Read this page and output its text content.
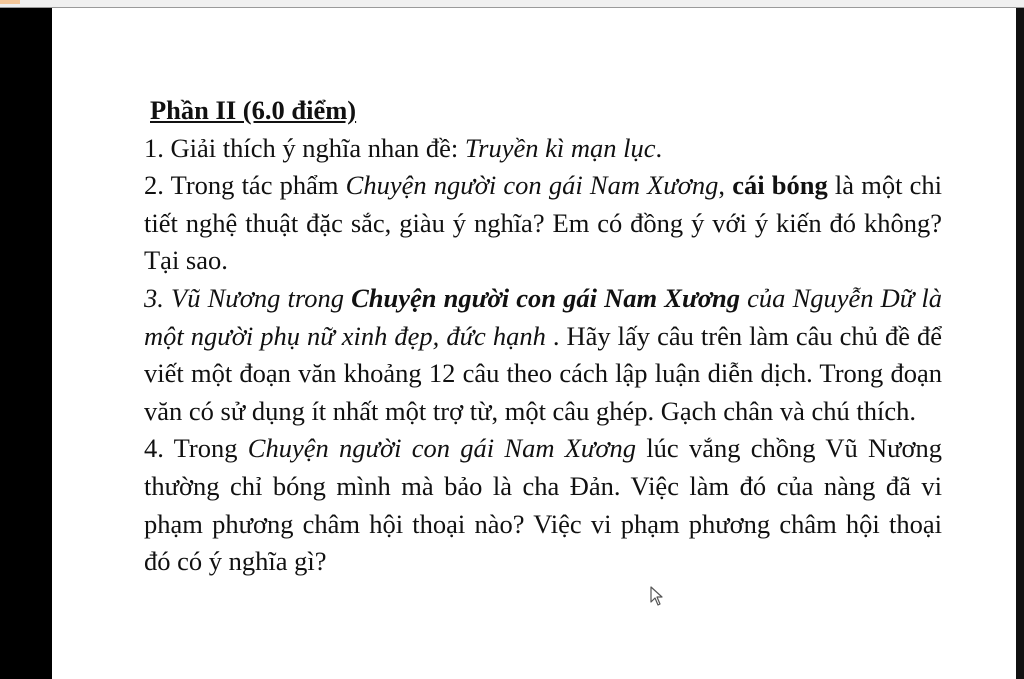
Phần II (6.0 điểm)

1. Giải thích ý nghĩa nhan đề: Truyền kì mạn lục.

2. Trong tác phẩm Chuyện người con gái Nam Xương, cái bóng là một chi tiết nghệ thuật đặc sắc, giàu ý nghĩa? Em có đồng ý với ý kiến đó không? Tại sao.

3. Vũ Nương trong Chuyện người con gái Nam Xương của Nguyễn Dữ là một người phụ nữ xinh đẹp, đức hạnh . Hãy lấy câu trên làm câu chủ đề để viết một đoạn văn khoảng 12 câu theo cách lập luận diễn dịch. Trong đoạn văn có sử dụng ít nhất một trợ từ, một câu ghép. Gạch chân và chú thích.

4. Trong Chuyện người con gái Nam Xương lúc vắng chồng Vũ Nương thường chỉ bóng mình mà bảo là cha Đản. Việc làm đó của nàng đã vi phạm phương châm hội thoại nào? Việc vi phạm phương châm hội thoại đó có ý nghĩa gì?
